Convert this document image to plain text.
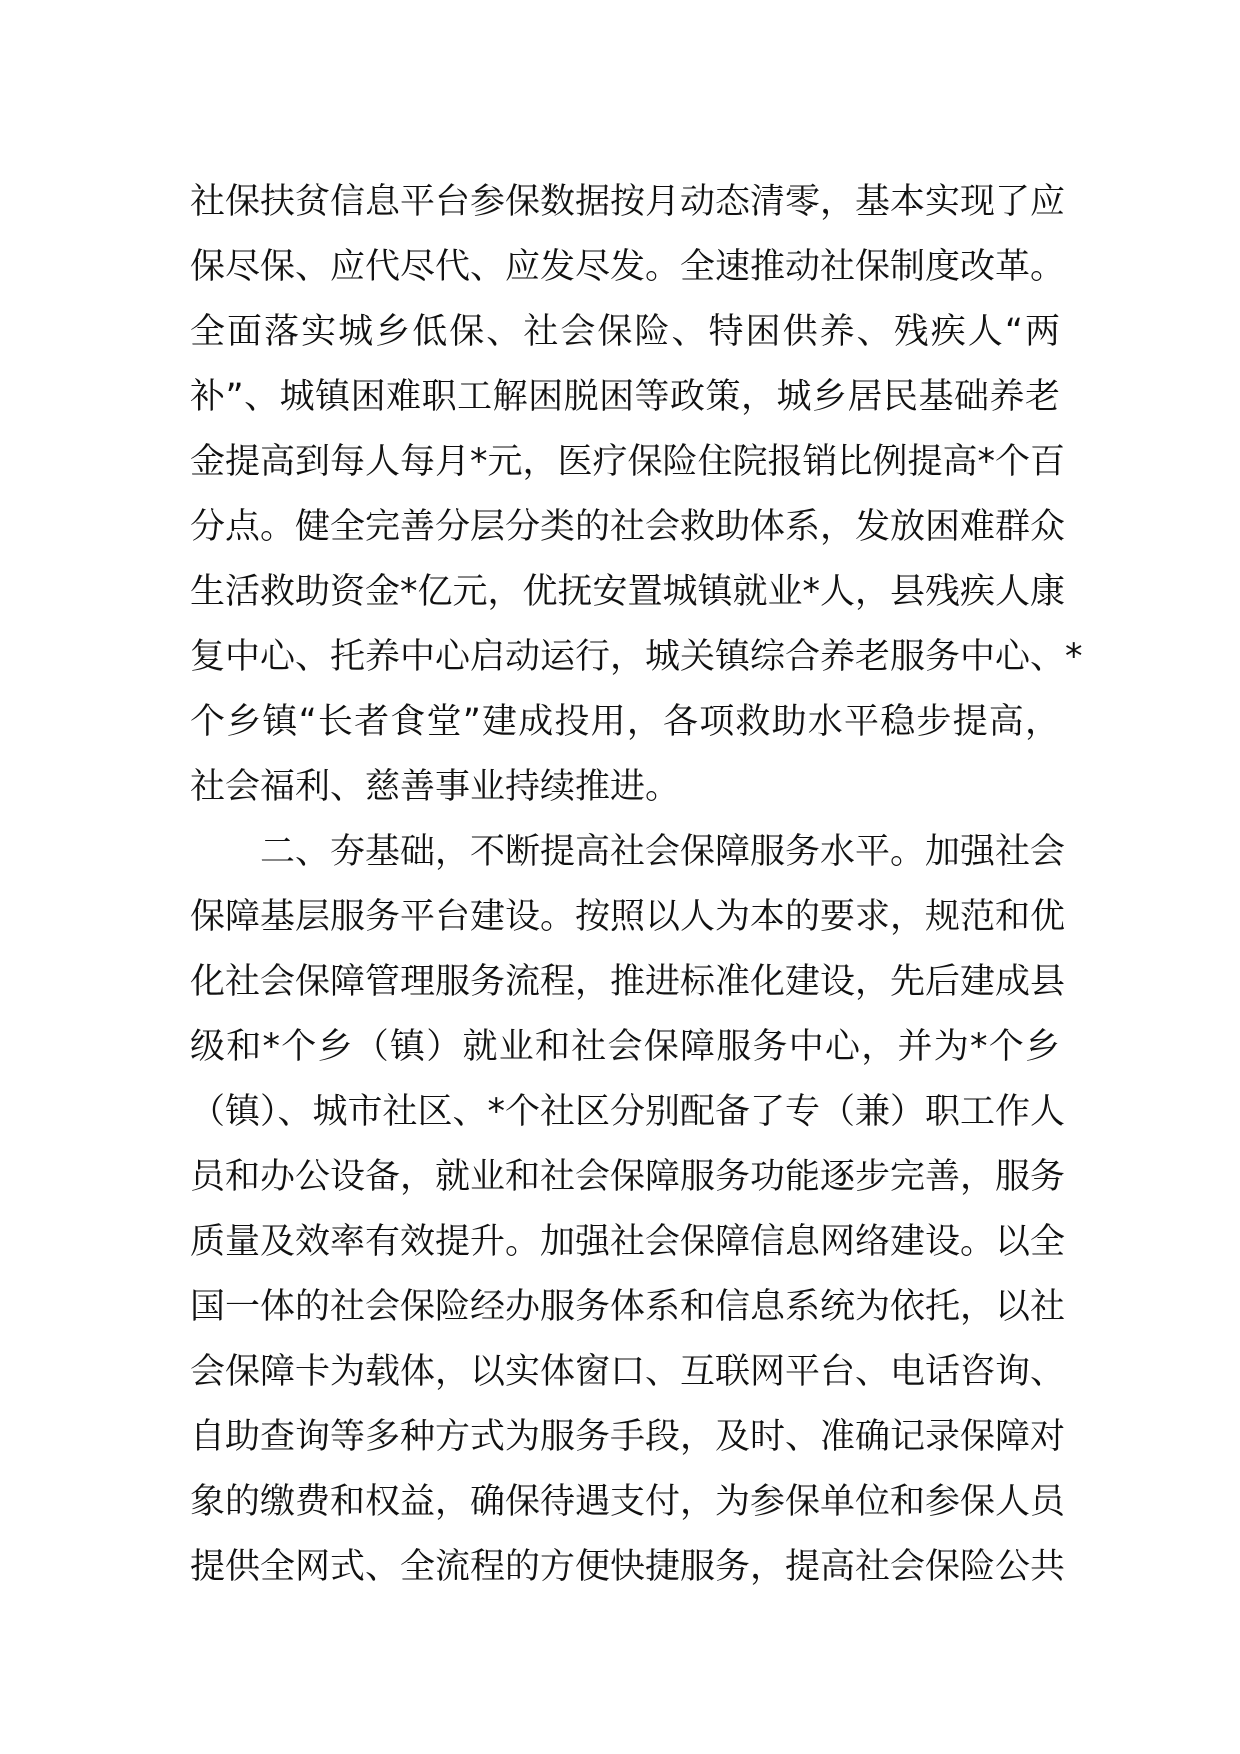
社保扶贫信息平台参保数据按月动态清零，基本实现了应
保尽保、应代尽代、应发尽发。全速推动社保制度改革。
全面落实城乡低保、社会保险、特困供养、残疾人“两
补”、城镇困难职工解困脱困等政策，城乡居民基础养老
金提高到每人每月*元，医疗保险住院报销比例提高*个百
分点。健全完善分层分类的社会救助体系，发放困难群众
生活救助资金*亿元，优抚安置城镇就业*人，县残疾人康
复中心、托养中心启动运行，城关镇综合养老服务中心、*
个乡镇“长者食堂”建成投用，各项救助水平稳步提高，
社会福利、慈善事业持续推进。
　　二、夯基础，不断提高社会保障服务水平。加强社会
保障基层服务平台建设。按照以人为本的要求，规范和优
化社会保障管理服务流程，推进标准化建设，先后建成县
级和*个乡（镇）就业和社会保障服务中心，并为*个乡
（镇）、城市社区、*个社区分别配备了专（兼）职工作人
员和办公设备，就业和社会保障服务功能逐步完善，服务
质量及效率有效提升。加强社会保障信息网络建设。以全
国一体的社会保险经办服务体系和信息系统为依托，以社
会保障卡为载体，以实体窗口、互联网平台、电话咨询、
自助查询等多种方式为服务手段，及时、准确记录保障对
象的缴费和权益，确保待遇支付，为参保单位和参保人员
提供全网式、全流程的方便快捷服务，提高社会保险公共
